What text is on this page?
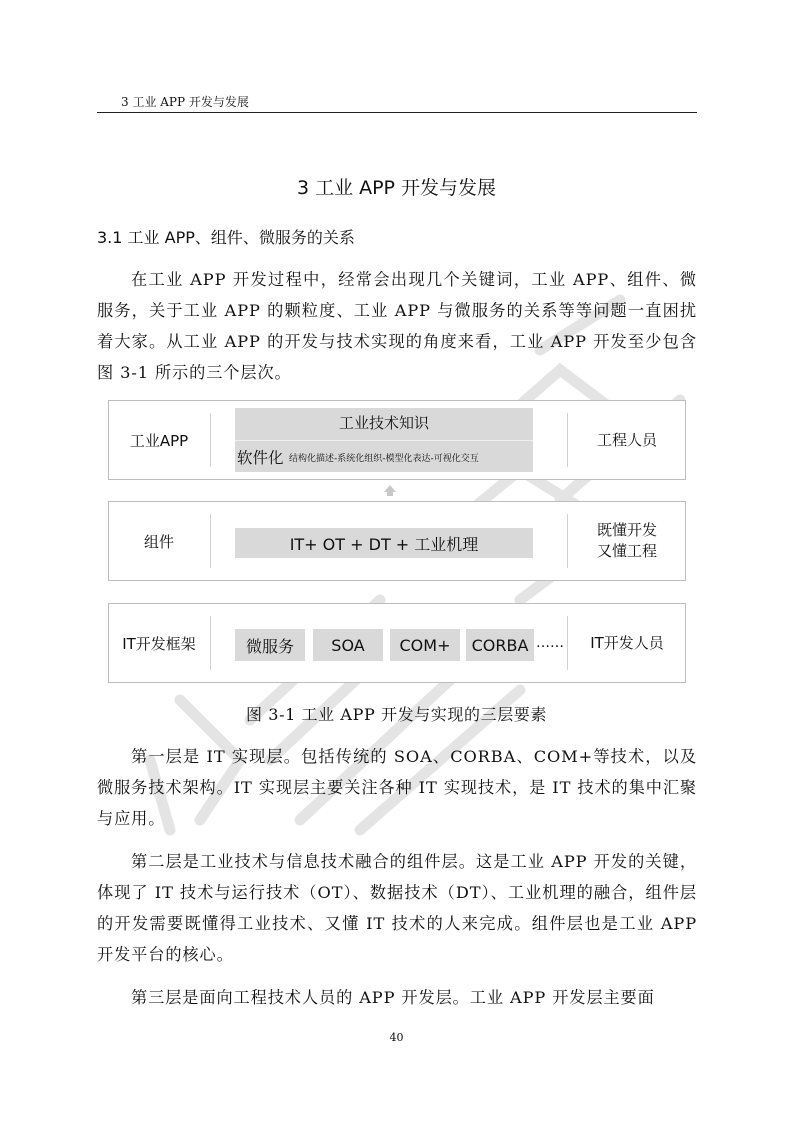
3 工业 APP 开发与发展
3 工业 APP 开发与发展
3.1 工业 APP、组件、微服务的关系

在工业 APP 开发过程中，经常会出现几个关键词，工业 APP、组件、微服务，关于工业 APP 的颗粒度、工业 APP 与微服务的关系等等问题一直困扰着大家。从工业 APP 的开发与技术实现的角度来看，工业 APP 开发至少包含图 3-1 所示的三个层次。

工业APP
工业技术知识
软件化 结构化描述-系统化组织-模型化表达-可视化交互
工程人员
组件	IT+ OT + DT + 工业机理
既懂开发
又懂工程
IT开发框架	微服务	SOA	COM+	CORBA ……	IT开发人员
图 3-1 工业 APP 开发与实现的三层要素

第一层是 IT 实现层。包括传统的 SOA、CORBA、COM+等技术，以及微服务技术架构。IT 实现层主要关注各种 IT 实现技术，是 IT 技术的集中汇聚与应用。

第二层是工业技术与信息技术融合的组件层。这是工业 APP 开发的关键，体现了 IT 技术与运行技术（OT）、数据技术（DT）、工业机理的融合，组件层的开发需要既懂得工业技术、又懂 IT 技术的人来完成。组件层也是工业 APP 开发平台的核心。

第三层是面向工程技术人员的 APP 开发层。工业 APP 开发层主要面

40
